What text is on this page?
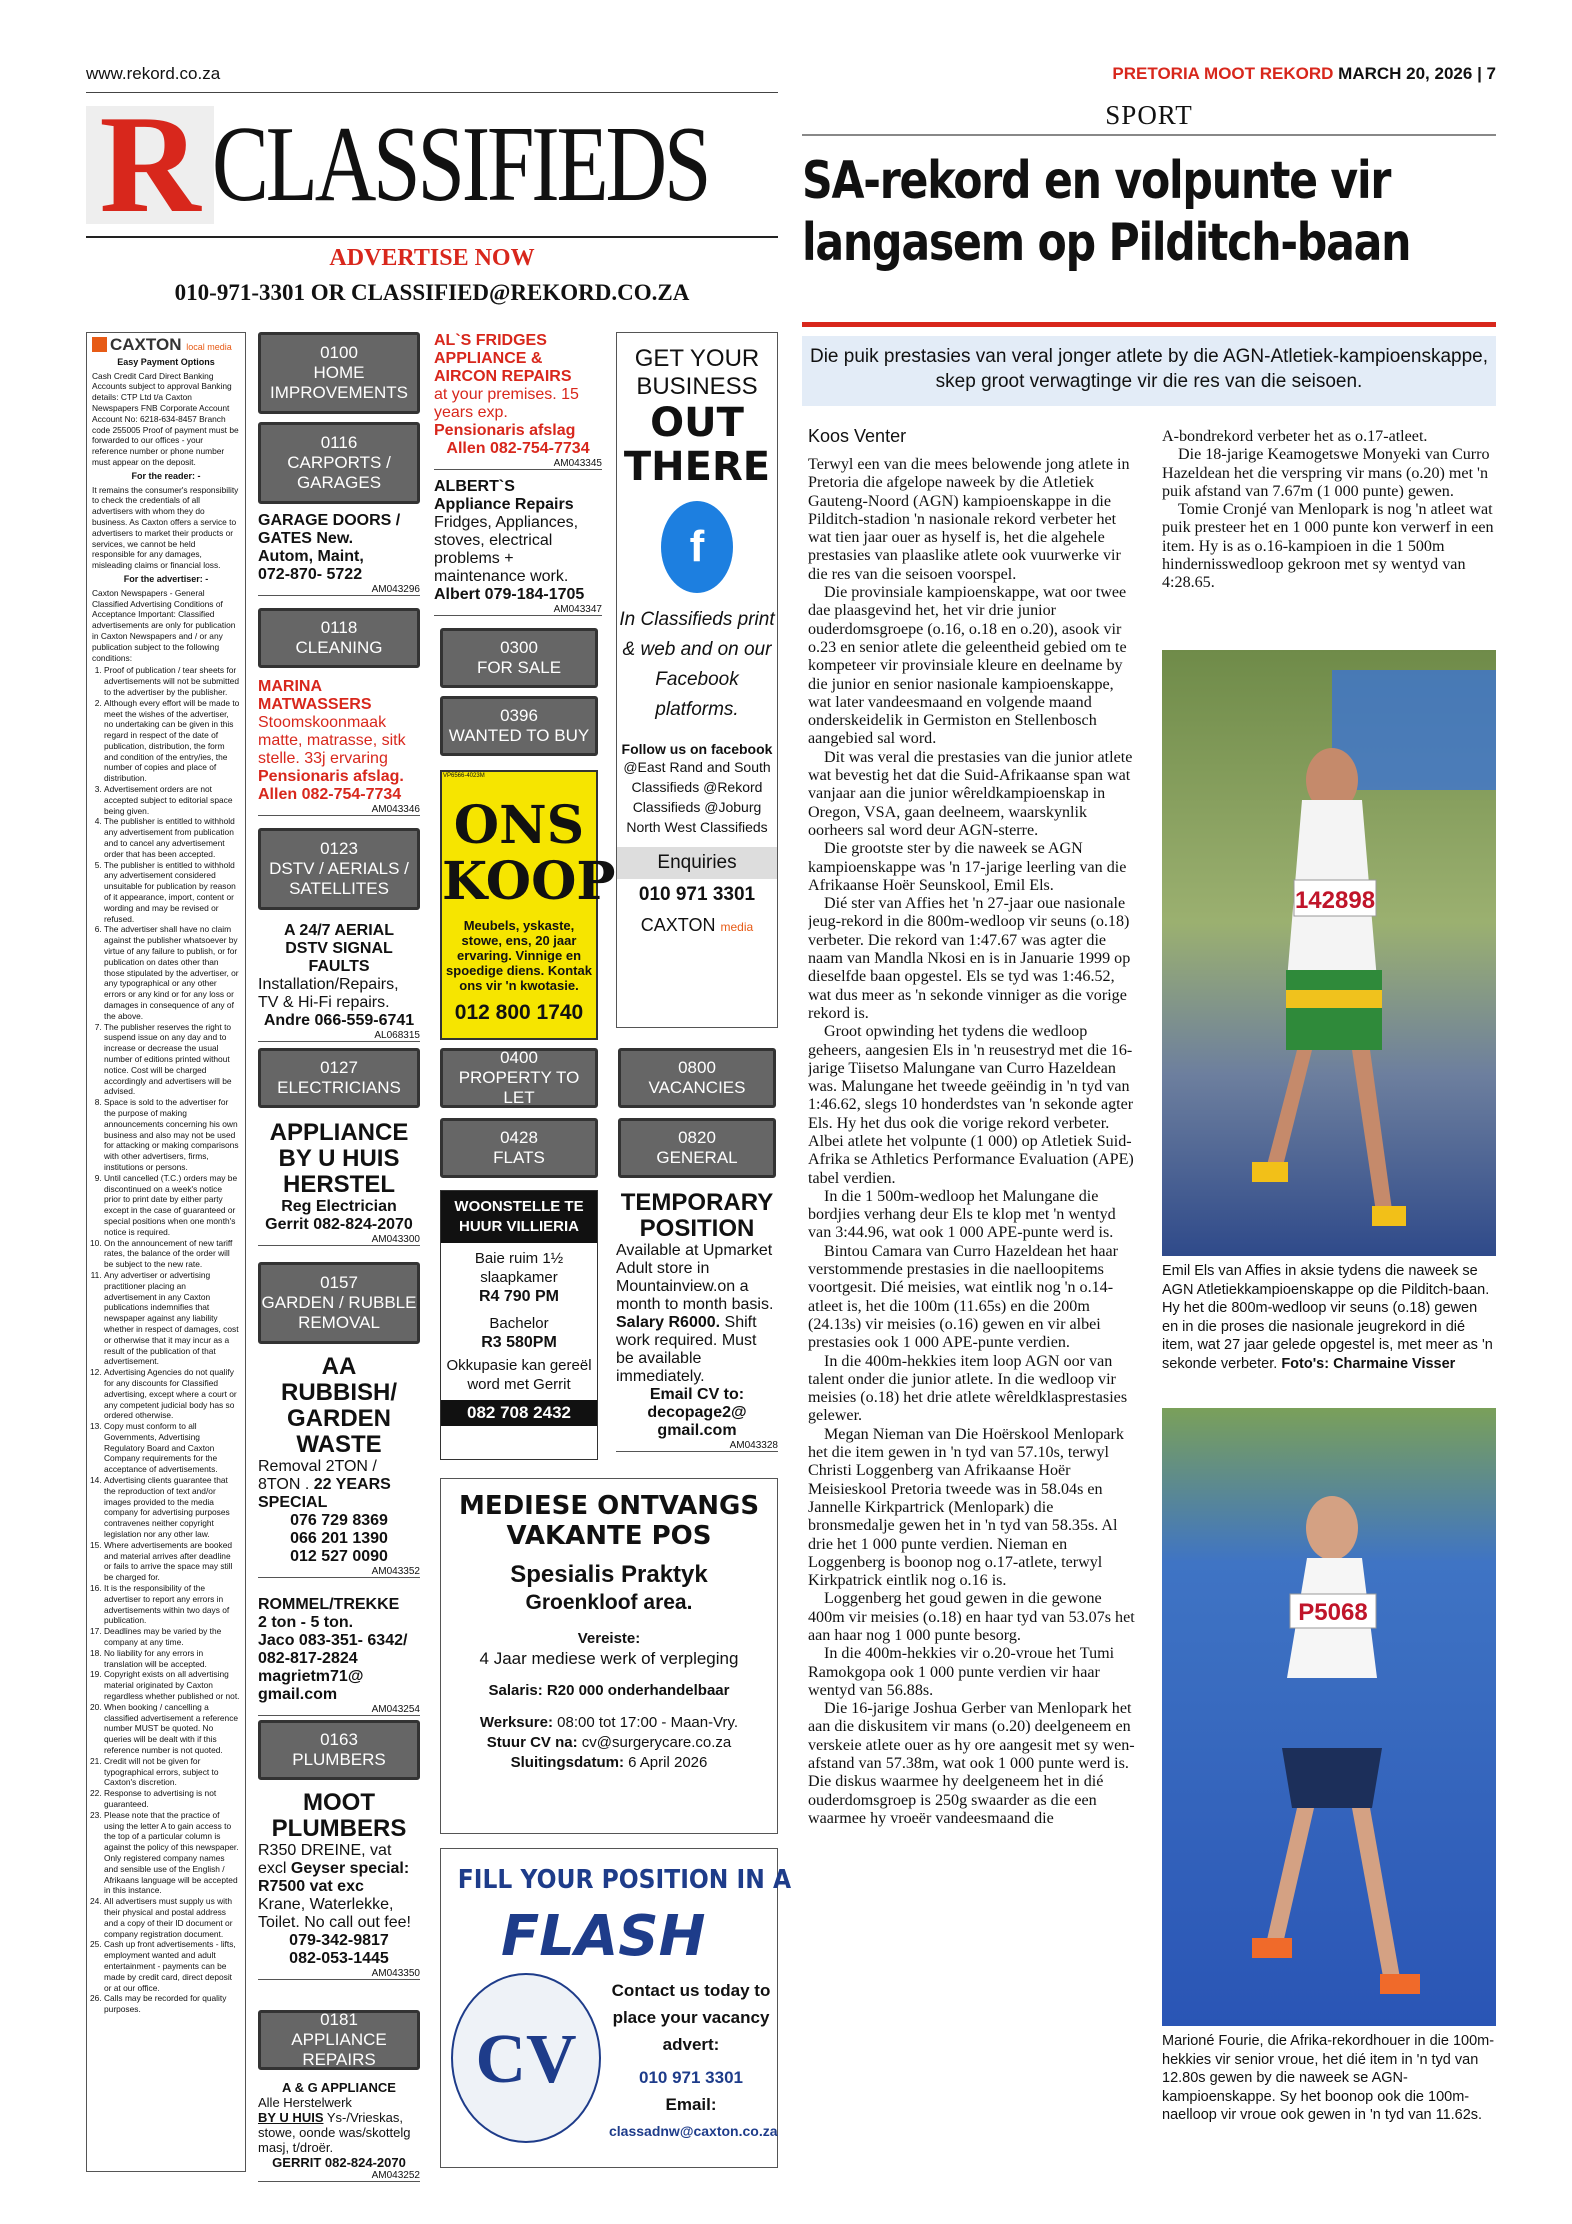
www.rekord.co.za	PRETORIA MOOT REKORD MARCH 20, 2026 | 7
SPORT
R CLASSIFIEDS
ADVERTISE NOW
010-971-3301 OR CLASSIFIED@REKORD.CO.ZA
CAXTON local media
Easy Payment Options

Cash Credit Card Direct Banking Accounts subject to approval Banking details: CTP Ltd t/a Caxton Newspapers FNB Corporate Account Account No: 6218-634-8457 Branch code 255005 Proof of payment must be forwarded to our offices - your reference number or phone number must appear on the deposit.

For the reader: -

It remains the consumer's responsibility to check the credentials of all advertisers with whom they do business. As Caxton offers a service to advertisers to market their products or services, we cannot be held responsible for any damages, misleading claims or financial loss.

For the advertiser: -

Caxton Newspapers - General Classified Advertising Conditions of Acceptance Important: Classified advertisements are only for publication in Caxton Newspapers and / or any publication subject to the following conditions:

1. Proof of publication / tear sheets for advertisements will not be submitted to the advertiser by the publisher.
2. Although every effort will be made to meet the wishes of the advertiser, no undertaking can be given in this regard in respect of the date of publication, distribution, the form and condition of the entry/ies, the number of copies and place of distribution.
3. Advertisement orders are not accepted subject to editorial space being given.
4. The publisher is entitled to withhold any advertisement from publication and to cancel any advertisement order that has been accepted.
5. The publisher is entitled to withhold any advertisement considered unsuitable for publication by reason of it appearance, import, content or wording and may be revised or refused.
6. The advertiser shall have no claim against the publisher whatsoever by virtue of any failure to publish, or for publication on dates other than those stipulated by the advertiser, or any typographical or any other errors or any kind or for any loss or damages in consequence of any of the above.
7. The publisher reserves the right to suspend issue on any day and to increase or decrease the usual number of editions printed without notice. Cost will be charged accordingly and advertisers will be advised.
8. Space is sold to the advertiser for the purpose of making announcements concerning his own business and also may not be used for attacking or making comparisons with other advertisers, firms, institutions or persons.
9. Until cancelled (T.C.) orders may be discontinued on a week's notice prior to print date by either party except in the case of guaranteed or special positions when one month's notice is required.
10. On the announcement of new tariff rates, the balance of the order will be subject to the new rate.
11. Any advertiser or advertising practitioner placing an advertisement in any Caxton publications indemnifies that newspaper against any liability whether in respect of damages, cost or otherwise that it may incur as a result of the publication of that advertisement.
12. Advertising Agencies do not qualify for any discounts for Classified advertising, except where a court or any competent judicial body has so ordered otherwise.
13. Copy must conform to all Governments, Advertising Regulatory Board and Caxton Company requirements for the acceptance of advertisements.
14. Advertising clients guarantee that the reproduction of text and/or images provided to the media company for advertising purposes contravenes neither copyright legislation nor any other law.
15. Where advertisements are booked and material arrives after deadline or fails to arrive the space may still be charged for.
16. It is the responsibility of the advertiser to report any errors in advertisements within two days of publication.
17. Deadlines may be varied by the company at any time.
18. No liability for any errors in translation will be accepted.
19. Copyright exists on all advertising material originated by Caxton regardless whether published or not.
20. When booking / cancelling a classified advertisement a reference number MUST be quoted. No queries will be dealt with if this reference number is not quoted.
21. Credit will not be given for typographical errors, subject to Caxton's discretion.
22. Response to advertising is not guaranteed.
23. Please note that the practice of using the letter A to gain access to the top of a particular column is against the policy of this newspaper. Only registered company names and sensible use of the English / Afrikaans language will be accepted in this instance.
24. All advertisers must supply us with their physical and postal address and a copy of their ID document or company registration document.
25. Cash up front advertisements - lifts, employment wanted and adult entertainment - payments can be made by credit card, direct deposit or at our office.
26. Calls may be recorded for quality purposes.
0100
HOME
IMPROVEMENTS
0116
CARPORTS /
GARAGES
GARAGE DOORS /
GATES New.
Autom, Maint,
072-870- 5722
AM043296
0118
CLEANING
MARINA
MATWASSERS
Stoomskoonmaak matte, matrasse, sitk stelle. 33j ervaring
Pensionaris afslag.
Allen 082-754-7734
AM043346
0123
DSTV / AERIALS /
SATELLITES
A 24/7 AERIAL
DSTV SIGNAL
FAULTS
Installation/Repairs, TV & Hi-Fi repairs.
Andre 066-559-6741
AL068315
0127
ELECTRICIANS
APPLIANCE
BY U HUIS
HERSTEL
Reg Electrician
Gerrit 082-824-2070
AM043300
0157
GARDEN / RUBBLE
REMOVAL
AA
RUBBISH/
GARDEN
WASTE
Removal 2TON / 8TON . 22 YEARS SPECIAL
076 729 8369
066 201 1390
012 527 0090
AM043352
ROMMEL/TREKKE
2 ton - 5 ton.
Jaco 083-351- 6342/ 082-817-2824 magrietm71@ gmail.com
AM043254
0163
PLUMBERS
MOOT
PLUMBERS
R350 DREINE, vat excl Geyser special: R7500 vat exc
Krane, Waterlekke, Toilet. No call out fee!
079-342-9817
082-053-1445
AM043350
0181
APPLIANCE REPAIRS
A & G APPLIANCE
Alle Herstelwerk
BY U HUIS Ys-/Vrieskas, stowe, oonde was/skottelg masj, t/droër.
GERRIT 082-824-2070
AM043252
AL`S FRIDGES APPLIANCE & AIRCON REPAIRS
at your premises. 15 years exp.
Pensionaris afslag
Allen 082-754-7734
AM043345
ALBERT`S
Appliance Repairs
Fridges, Appliances, stoves, electrical problems + maintenance work.
Albert 079-184-1705
AM043347
0300
FOR SALE
0396
WANTED TO BUY
VP6566-4023M
ONS KOOP
Meubels, yskaste, stowe, ens, 20 jaar ervaring. Vinnige en spoedige diens. Kontak ons vir 'n kwotasie.
012 800 1740
0400
PROPERTY TO LET
0428
FLATS
WOONSTELLE TE HUUR VILLIERIA
Baie ruim 1½ slaapkamer
R4 790 PM
Bachelor
R3 580PM
Okkupasie kan gereël word met Gerrit
082 708 2432
GET YOUR BUSINESS
OUT THERE
f
In Classifieds print & web and on our Facebook platforms.
Follow us on facebook
@East Rand and South Classifieds @Rekord Classifieds @Joburg North West Classifieds
Enquiries
010 971 3301
CAXTON media
0800
VACANCIES
0820
GENERAL
TEMPORARY POSITION
Available at Upmarket Adult store in Mountainview.on a month to month basis. Salary R6000. Shift work required. Must be available immediately.
Email CV to: decopage2@ gmail.com
AM043328
MEDIESE ONTVANGS VAKANTE POS
Spesialis Praktyk
Groenkloof area.
Vereiste:
4 Jaar mediese werk of verpleging
Salaris: R20 000 onderhandelbaar
Werksure: 08:00 tot 17:00 - Maan-Vry.
Stuur CV na: cv@surgerycare.co.za
Sluitingsdatum: 6 April 2026
FILL YOUR POSITION IN A
FLASH
CV
Contact us today to place your vacancy advert:
010 971 3301
Email:
classadnw@caxton.co.za
SA-rekord en volpunte vir
langasem op Pilditch-baan
Die puik prestasies van veral jonger atlete by die AGN-Atletiek-kampioenskappe, skep groot verwagtinge vir die res van die seisoen.
Koos Venter

Terwyl een van die mees belowende jong atlete in Pretoria die afgelope naweek by die Atletiek Gauteng-Noord (AGN) kampioenskappe in die Pilditch-stadion 'n nasionale rekord verbeter het wat tien jaar ouer as hyself is, het die algehele prestasies van plaaslike atlete ook vuurwerke vir die res van die seisoen voorspel.

Die provinsiale kampioenskappe, wat oor twee dae plaasgevind het, het vir drie junior ouderdomsgroepe (o.16, o.18 en o.20), asook vir o.23 en senior atlete die geleentheid gebied om te kompeteer vir provinsiale kleure en deelname by die junior en senior nasionale kampioenskappe, wat later vandeesmaand en volgende maand onderskeidelik in Germiston en Stellenbosch aangebied sal word.

Dit was veral die prestasies van die junior atlete wat bevestig het dat die Suid-Afrikaanse span wat vanjaar aan die junior wêreldkampioenskap in Oregon, VSA, gaan deelneem, waarskynlik oorheers sal word deur AGN-sterre.

Die grootste ster by die naweek se AGN kampioenskappe was 'n 17-jarige leerling van die Afrikaanse Hoër Seunskool, Emil Els.

Dié ster van Affies het 'n 27-jaar oue nasionale jeug-rekord in die 800m-wedloop vir seuns (o.18) verbeter. Die rekord van 1:47.67 was agter die naam van Mandla Nkosi en is in Januarie 1999 op dieselfde baan opgestel. Els se tyd was 1:46.52, wat dus meer as 'n sekonde vinniger as die vorige rekord is.

Groot opwinding het tydens die wedloop geheers, aangesien Els in 'n reusestryd met die 16-jarige Tiisetso Malungane van Curro Hazeldean was. Malungane het tweede geëindig in 'n tyd van 1:46.62, slegs 10 honderdstes van 'n sekonde agter Els. Hy het dus ook die vorige rekord verbeter. Albei atlete het volpunte (1 000) op Atletiek Suid-Afrika se Athletics Performance Evaluation (APE) tabel verdien.

In die 1 500m-wedloop het Malungane die bordjies verhang deur Els te klop met 'n wentyd van 3:44.96, wat ook 1 000 APE-punte werd is.

Bintou Camara van Curro Hazeldean het haar verstommende prestasies in die naelloopitems voortgesit. Dié meisies, wat eintlik nog 'n o.14-atleet is, het die 100m (11.65s) en die 200m (24.13s) vir meisies (o.16) gewen en vir albei prestasies ook 1 000 APE-punte verdien.

In die 400m-hekkies item loop AGN oor van talent onder die junior atlete. In die wedloop vir meisies (o.18) het drie atlete wêreldklasprestasies gelewer.

Megan Nieman van Die Hoërskool Menlopark het die item gewen in 'n tyd van 57.10s, terwyl Christi Loggenberg van Afrikaanse Hoër Meisieskool Pretoria tweede was in 58.04s en Jannelle Kirkpartrick (Menlopark) die bronsmedalje gewen het in 'n tyd van 58.35s. Al drie het 1 000 punte verdien. Nieman en Loggenberg is boonop nog o.17-atlete, terwyl Kirkpatrick eintlik nog o.16 is.

Loggenberg het goud gewen in die gewone 400m vir meisies (o.18) en haar tyd van 53.07s het aan haar nog 1 000 punte besorg.

In die 400m-hekkies vir o.20-vroue het Tumi Ramokgopa ook 1 000 punte verdien vir haar wentyd van 56.88s.

Die 16-jarige Joshua Gerber van Menlopark het aan die diskusitem vir mans (o.20) deelgeneem en verskeie atlete ouer as hy ore aangesit met sy wen-afstand van 57.38m, wat ook 1 000 punte werd is. Die diskus waarmee hy deelgeneem het in dié ouderdomsgroep is 250g swaarder as die een waarmee hy vroeër vandeesmaand die

A-bondrekord verbeter het as o.17-atleet.

Die 18-jarige Keamogetswe Monyeki van Curro Hazeldean het die verspring vir mans (o.20) met 'n puik afstand van 7.67m (1 000 punte) gewen.

Tomie Cronjé van Menlopark is nog 'n atleet wat puik presteer het en 1 000 punte kon verwerf in een item. Hy is as o.16-kampioen in die 1 500m hindernisswedloop gekroon met sy wentyd van 4:28.65.

142898
Emil Els van Affies in aksie tydens die naweek se AGN Atletiekkampioenskappe op die Pilditch-baan. Hy het die 800m-wedloop vir seuns (o.18) gewen en in die proses die nasionale jeugrekord in dié item, wat 27 jaar gelede opgestel is, met meer as 'n sekonde verbeter. Foto's: Charmaine Visser
P5068
Marioné Fourie, die Afrika-rekordhouer in die 100m-hekkies vir senior vroue, het dié item in 'n tyd van 12.80s gewen by die naweek se AGN-kampioenskappe. Sy het boonop ook die 100m-naelloop vir vroue ook gewen in 'n tyd van 11.62s.
